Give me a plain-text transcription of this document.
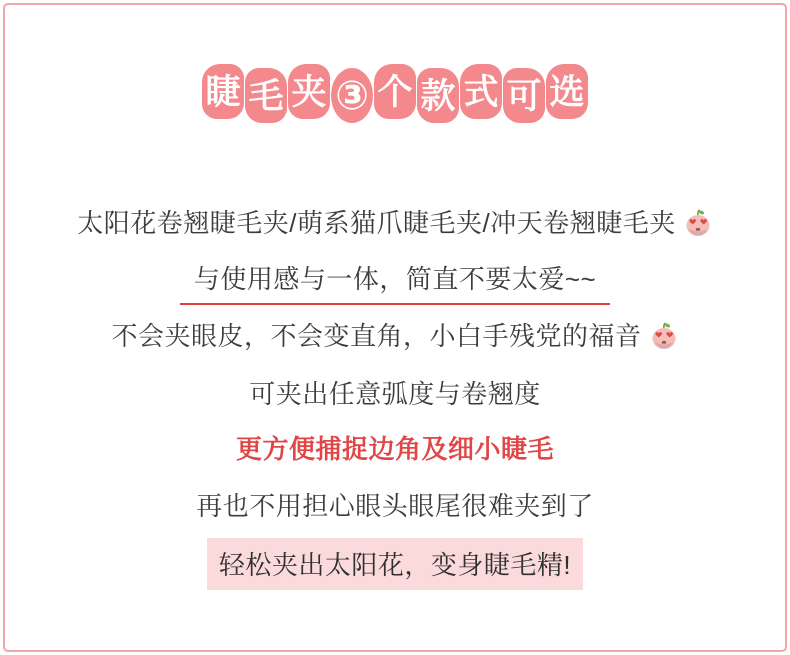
睫 毛 夹 ③ 个 款 式 可 选
太阳花卷翘睫毛夹/萌系猫爪睫毛夹/冲天卷翘睫毛夹
与使用感与一体，简直不要太爱~~
不会夹眼皮，不会变直角，小白手残党的福音
可夹出任意弧度与卷翘度
更方便捕捉边角及细小睫毛
再也不用担心眼头眼尾很难夹到了
轻松夹出太阳花，变身睫毛精!
